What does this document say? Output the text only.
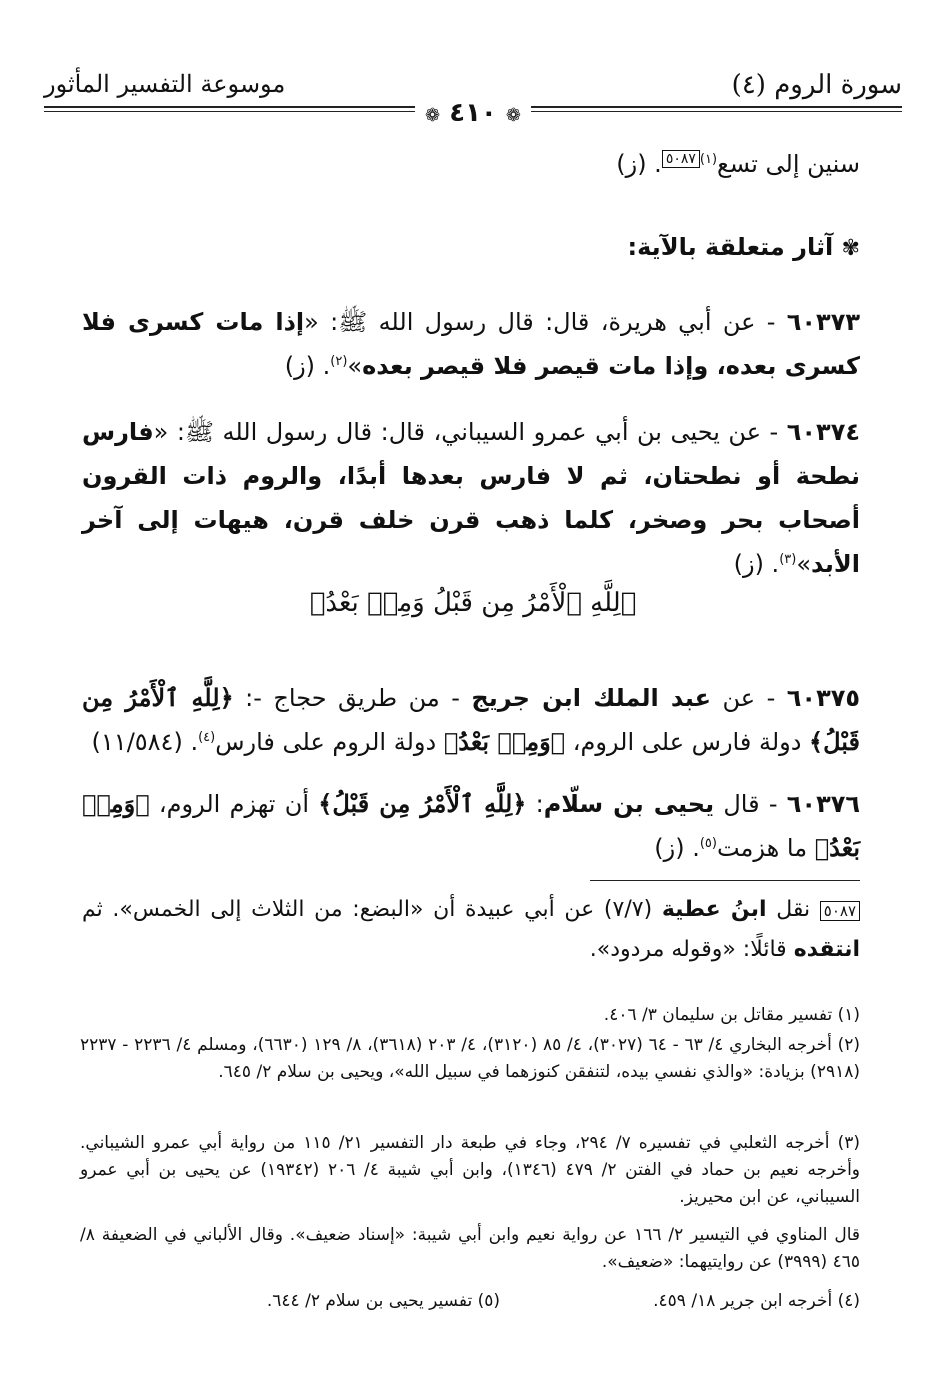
سورة الروم (٤)
موسوعة التفسير المأثور
❁ ٤١٠ ❁
سنين إلى تسع$^{(١)٥٠٨٧}$. (ز)
✾ آثار متعلقة بالآية:
٦٠٣٧٣ - عن أبي هريرة، قال: قال رسول الله ﷺ: «إذا مات كسرى فلا كسرى بعده، وإذا مات قيصر فلا قيصر بعده»$^{(٢)}$. (ز)
٦٠٣٧٤ - عن يحيى بن أبي عمرو السيباني، قال: قال رسول الله ﷺ: «فارس نطحة أو نطحتان، ثم لا فارس بعدها أبدًا، والروم ذات القرون أصحاب بحر وصخر، كلما ذهب قرن خلف قرن، هيهات إلى آخر الأبد»$^{(٣)}$. (ز)
﴿لِلَّهِ ٱلْأَمْرُ مِن قَبْلُ وَمِنۢ بَعْدُ﴾
٦٠٣٧٥ - عن عبد الملك ابن جريج - من طريق حجاج -: ﴿لِلَّهِ ٱلْأَمْرُ مِن قَبْلُ﴾ دولة فارس على الروم، ﴿وَمِنۢ بَعْدُ﴾ دولة الروم على فارس$^{(٤)}$. (١١/٥٨٤)
٦٠٣٧٦ - قال يحيى بن سلّام: ﴿لِلَّهِ ٱلْأَمْرُ مِن قَبْلُ﴾ أن تهزم الروم، ﴿وَمِنۢ بَعْدُ﴾ ما هزمت$^{(٥)}$. (ز)
٥٠٨٧ نقل ابنُ عطية (٧/٧) عن أبي عبيدة أن «البضع: من الثلاث إلى الخمس». ثم انتقده قائلًا: «وقوله مردود».
(١) تفسير مقاتل بن سليمان ٣/ ٤٠٦.
(٢) أخرجه البخاري ٤/ ٦٣ - ٦٤ (٣٠٢٧)، ٤/ ٨٥ (٣١٢٠)، ٤/ ٢٠٣ (٣٦١٨)، ٨/ ١٢٩ (٦٦٣٠)، ومسلم ٤/ ٢٢٣٦ - ٢٢٣٧ (٢٩١٨) بزيادة: «والذي نفسي بيده، لتنفقن كنوزهما في سبيل الله»، ويحيى بن سلام ٢/ ٦٤٥.
(٣) أخرجه الثعلبي في تفسيره ٧/ ٢٩٤، وجاء في طبعة دار التفسير ٢١/ ١١٥ من رواية أبي عمرو الشيباني. وأخرجه نعيم بن حماد في الفتن ٢/ ٤٧٩ (١٣٤٦)، وابن أبي شيبة ٤/ ٢٠٦ (١٩٣٤٢) عن يحيى بن أبي عمرو السيباني، عن ابن محيريز.
قال المناوي في التيسير ٢/ ١٦٦ عن رواية نعيم وابن أبي شيبة: «إسناد ضعيف». وقال الألباني في الضعيفة ٨/ ٤٦٥ (٣٩٩٩) عن روايتيهما: «ضعيف».
(٤) أخرجه ابن جرير ١٨/ ٤٥٩.
(٥) تفسير يحيى بن سلام ٢/ ٦٤٤.
